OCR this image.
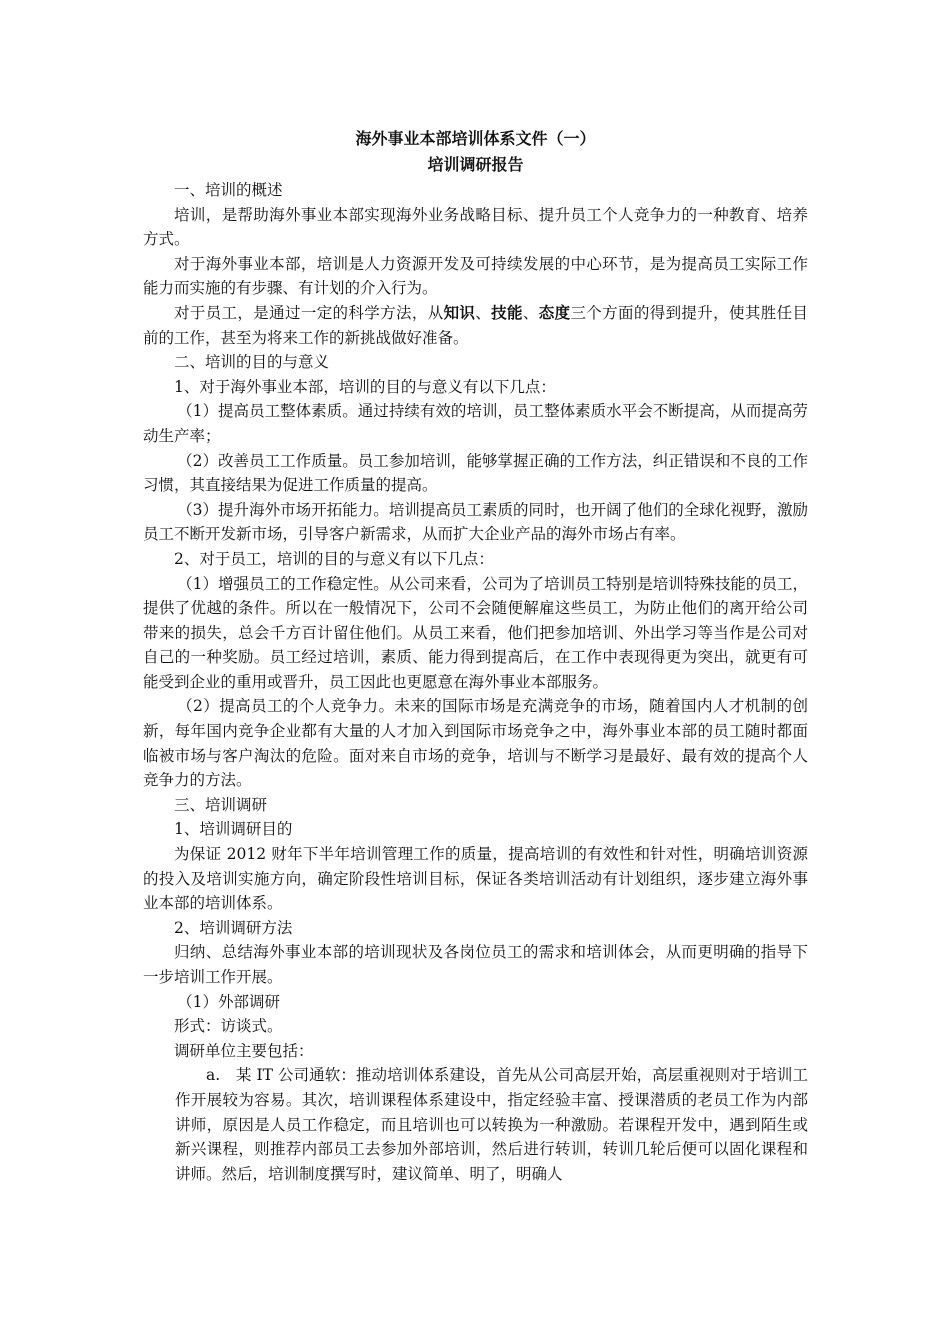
海外事业本部培训体系文件（一）
培训调研报告
一、培训的概述

培训，是帮助海外事业本部实现海外业务战略目标、提升员工个人竞争力的一种教育、培养方式。

对于海外事业本部，培训是人力资源开发及可持续发展的中心环节，是为提高员工实际工作能力而实施的有步骤、有计划的介入行为。

对于员工，是通过一定的科学方法，从知识、技能、态度三个方面的得到提升，使其胜任目前的工作，甚至为将来工作的新挑战做好准备。

二、培训的目的与意义

1、对于海外事业本部，培训的目的与意义有以下几点：

（1）提高员工整体素质。通过持续有效的培训，员工整体素质水平会不断提高，从而提高劳动生产率；

（2）改善员工工作质量。员工参加培训，能够掌握正确的工作方法，纠正错误和不良的工作习惯，其直接结果为促进工作质量的提高。

（3）提升海外市场开拓能力。培训提高员工素质的同时，也开阔了他们的全球化视野，激励员工不断开发新市场，引导客户新需求，从而扩大企业产品的海外市场占有率。

2、对于员工，培训的目的与意义有以下几点：

（1）增强员工的工作稳定性。从公司来看，公司为了培训员工特别是培训特殊技能的员工，提供了优越的条件。所以在一般情况下，公司不会随便解雇这些员工，为防止他们的离开给公司带来的损失，总会千方百计留住他们。从员工来看，他们把参加培训、外出学习等当作是公司对自己的一种奖励。员工经过培训，素质、能力得到提高后，在工作中表现得更为突出，就更有可能受到企业的重用或晋升，员工因此也更愿意在海外事业本部服务。

（2）提高员工的个人竞争力。未来的国际市场是充满竞争的市场，随着国内人才机制的创新，每年国内竞争企业都有大量的人才加入到国际市场竞争之中，海外事业本部的员工随时都面临被市场与客户淘汰的危险。面对来自市场的竞争，培训与不断学习是最好、最有效的提高个人竞争力的方法。

三、培训调研

1、培训调研目的

为保证 2012 财年下半年培训管理工作的质量，提高培训的有效性和针对性，明确培训资源的投入及培训实施方向，确定阶段性培训目标，保证各类培训活动有计划组织，逐步建立海外事业本部的培训体系。

2、培训调研方法

归纳、总结海外事业本部的培训现状及各岗位员工的需求和培训体会，从而更明确的指导下一步培训工作开展。

（1）外部调研

形式：访谈式。

调研单位主要包括：

a.　某 IT 公司通软：推动培训体系建设，首先从公司高层开始，高层重视则对于培训工作开展较为容易。其次，培训课程体系建设中，指定经验丰富、授课潜质的老员工作为内部讲师，原因是人员工作稳定，而且培训也可以转换为一种激励。若课程开发中，遇到陌生或新兴课程，则推荐内部员工去参加外部培训，然后进行转训，转训几轮后便可以固化课程和讲师。然后，培训制度撰写时，建议简单、明了，明确人
